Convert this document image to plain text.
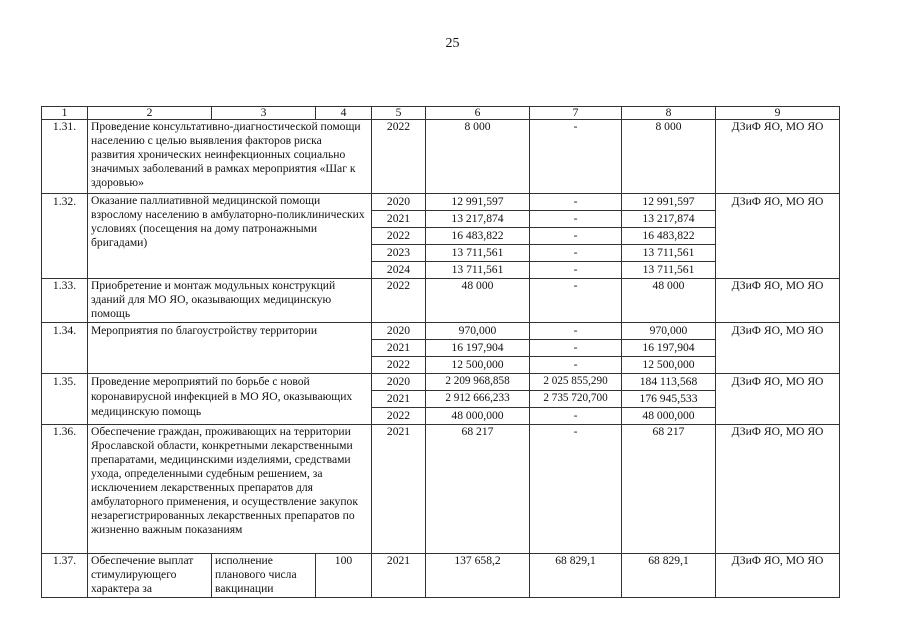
25
1	2	3	4	5	6	7	8	9
1.31.	Проведение консультативно-диагностической помощи населению с целью выявления факторов риска развития хронических неинфекционных социально значимых заболеваний в рамках мероприятия «Шаг к здоровью»			2022	8 000	-	8 000	ДЗиФ ЯО, МО ЯО
1.32.	Оказание паллиативной медицинской помощи взрослому населению в амбулаторно-поликлинических условиях (посещения на дому патронажными бригадами)			2020	12 991,597	-	12 991,597	ДЗиФ ЯО, МО ЯО
				2021	13 217,874	-	13 217,874	
				2022	16 483,822	-	16 483,822	
				2023	13 711,561	-	13 711,561	
				2024	13 711,561	-	13 711,561	
1.33.	Приобретение и монтаж модульных конструкций зданий для МО ЯО, оказывающих медицинскую помощь			2022	48 000	-	48 000	ДЗиФ ЯО, МО ЯО
1.34.	Мероприятия по благоустройству территории			2020	970,000	-	970,000	ДЗиФ ЯО, МО ЯО
				2021	16 197,904	-	16 197,904	
				2022	12 500,000	-	12 500,000	
1.35.	Проведение мероприятий по борьбе с новой коронавирусной инфекцией в МО ЯО, оказывающих медицинскую помощь			2020	2 209 968,858	2 025 855,290	184 113,568	ДЗиФ ЯО, МО ЯО
				2021	2 912 666,233	2 735 720,700	176 945,533	
				2022	48 000,000	-	48 000,000	
1.36.	Обеспечение граждан, проживающих на территории Ярославской области, конкретными лекарственными препаратами, медицинскими изделиями, средствами ухода, определенными судебным решением, за исключением лекарственных препаратов для амбулаторного применения, и осуществление закупок незарегистрированных лекарственных препаратов по жизненно важным показаниям			2021	68 217	-	68 217	ДЗиФ ЯО, МО ЯО
1.37.	Обеспечение выплат стимулирующего характера за	исполнение планового числа вакцинации	100	2021	137 658,2	68 829,1	68 829,1	ДЗиФ ЯО, МО ЯО
